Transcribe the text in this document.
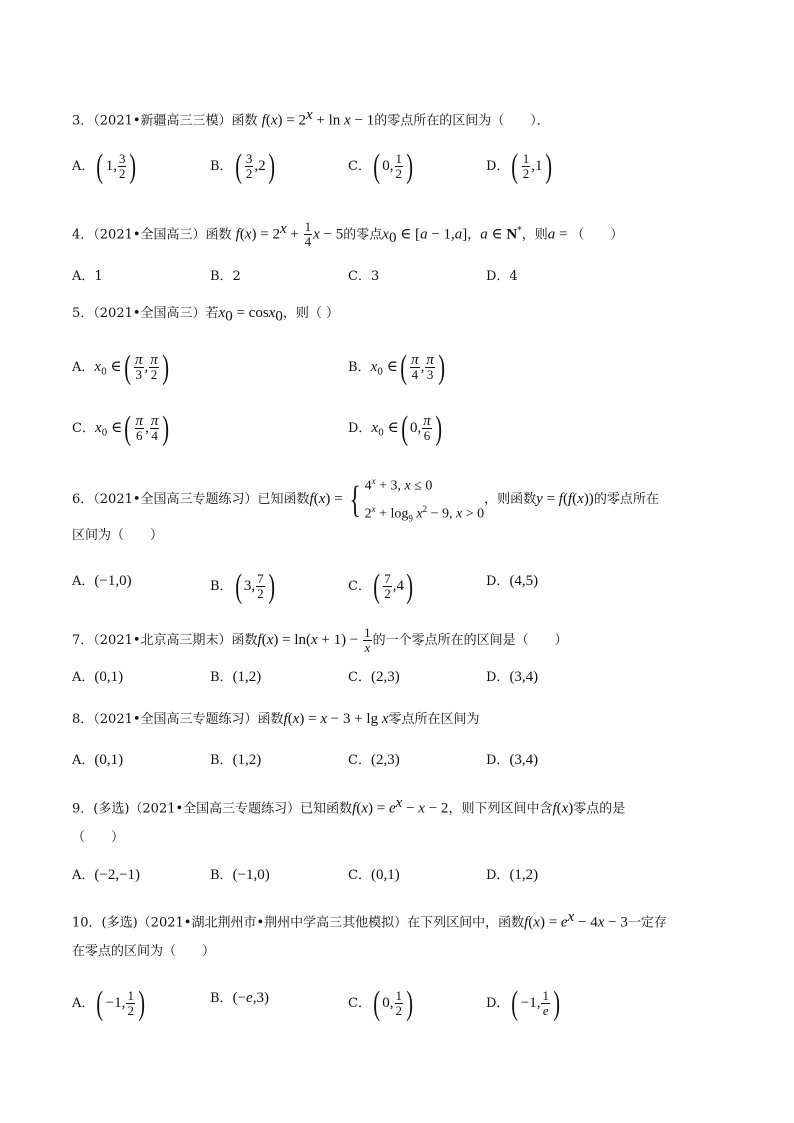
3．（2021•新疆高三三模）函数 $f(x) = 2^x + \ln x - 1$的零点所在的区间为（　　）．
A．( 1, $\frac{3}{2}$ )	B．( $\frac{3}{2} ,2$)	C．( 0, $\frac{1}{2}$ )	D．( $\frac{1}{2} ,1$)
4．（2021•全国高三）函数 $f(x) = 2^x + \frac{1}{4}$ x − 5的零点$x_0$ ∈ [a − 1,a]，a ∈ N*，则a = （　　）
A．1	B．2	C．3	D．4
5．（2021•全国高三）若$x_0 = \cos x_0$，则（ ）
A．$x_0$ ∈( $\frac{\pi}{3}$ , $\frac{\pi}{2}$ )	B．$x_0$ ∈( $\frac{\pi}{4}$ , $\frac{\pi}{3}$ )
C．$x_0$ ∈( $\frac{\pi}{6}$ , $\frac{\pi}{4}$ )	D．$x_0$ ∈( 0, $\frac{\pi}{6}$ )
6．（2021•全国高三专题练习）已知函数f(x) = { $4^x + 3$, x ≤ 0
$2^x + \log_9 x^2 - 9$, x > 0
，则函数y = f(f(x))的零点所在
区间为（　　）
A．(−1,0)	B．( 3, $\frac{7}{2}$ )	C．( $\frac{7}{2} ,4$)	D．(4,5)
7．（2021•北京高三期末）函数$f(x) = \ln(x + 1) - \frac{1}{x}$ 的一个零点所在的区间是（　　）
A．(0,1)	B．(1,2)	C．(2,3)	D．(3,4)
8．（2021•全国高三专题练习）函数f(x) = x − 3 + lg x零点所在区间为
A．(0,1)	B．(1,2)	C．(2,3)	D．(3,4)
9．(多选)（2021•全国高三专题练习）已知函数$f(x) = e^x - x - 2$，则下列区间中含f(x)零点的是
（　　）
A．(−2,−1)	B．(−1,0)	C．(0,1)	D．(1,2)
10．(多选)（2021•湖北荆州市•荆州中学高三其他模拟）在下列区间中，函数$f(x) = e^x - 4x - 3$一定存
在零点的区间为（　　）
A．( −1, $\frac{1}{2}$ )	B．(−e,3)	C．( 0, $\frac{1}{2}$ )	D．( −1, $\frac{1}{e}$ )
